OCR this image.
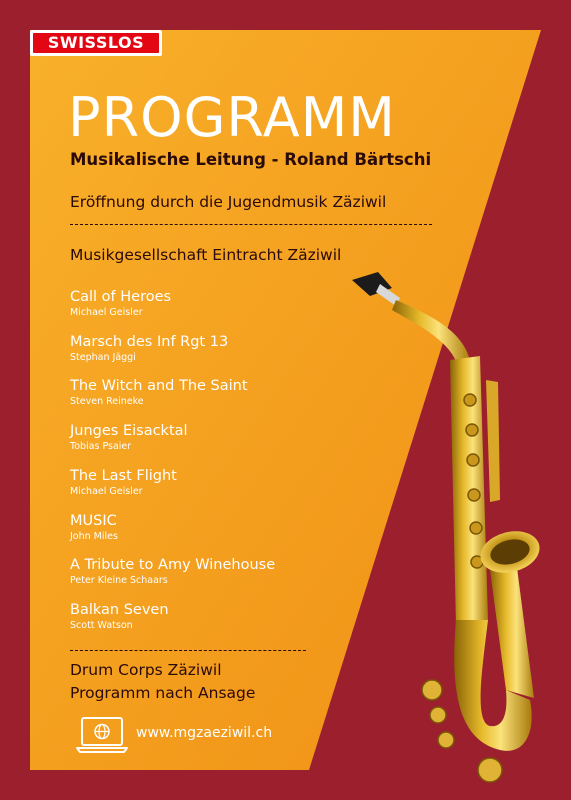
SWISSLOS
PROGRAMM
Musikalische Leitung - Roland Bärtschi
Eröffnung durch die Jugendmusik Zäziwil
Musikgesellschaft Eintracht Zäziwil
Call of Heroes
Michael Geisler
Marsch des Inf Rgt 13
Stephan Jäggi
The Witch and The Saint
Steven Reineke
Junges Eisacktal
Tobias Psaier
The Last Flight
Michael Geisler
MUSIC
John Miles
A Tribute to Amy Winehouse
Peter Kleine Schaars
Balkan Seven
Scott Watson
Drum Corps Zäziwil
Programm nach Ansage
www.mgzaeziwil.ch
